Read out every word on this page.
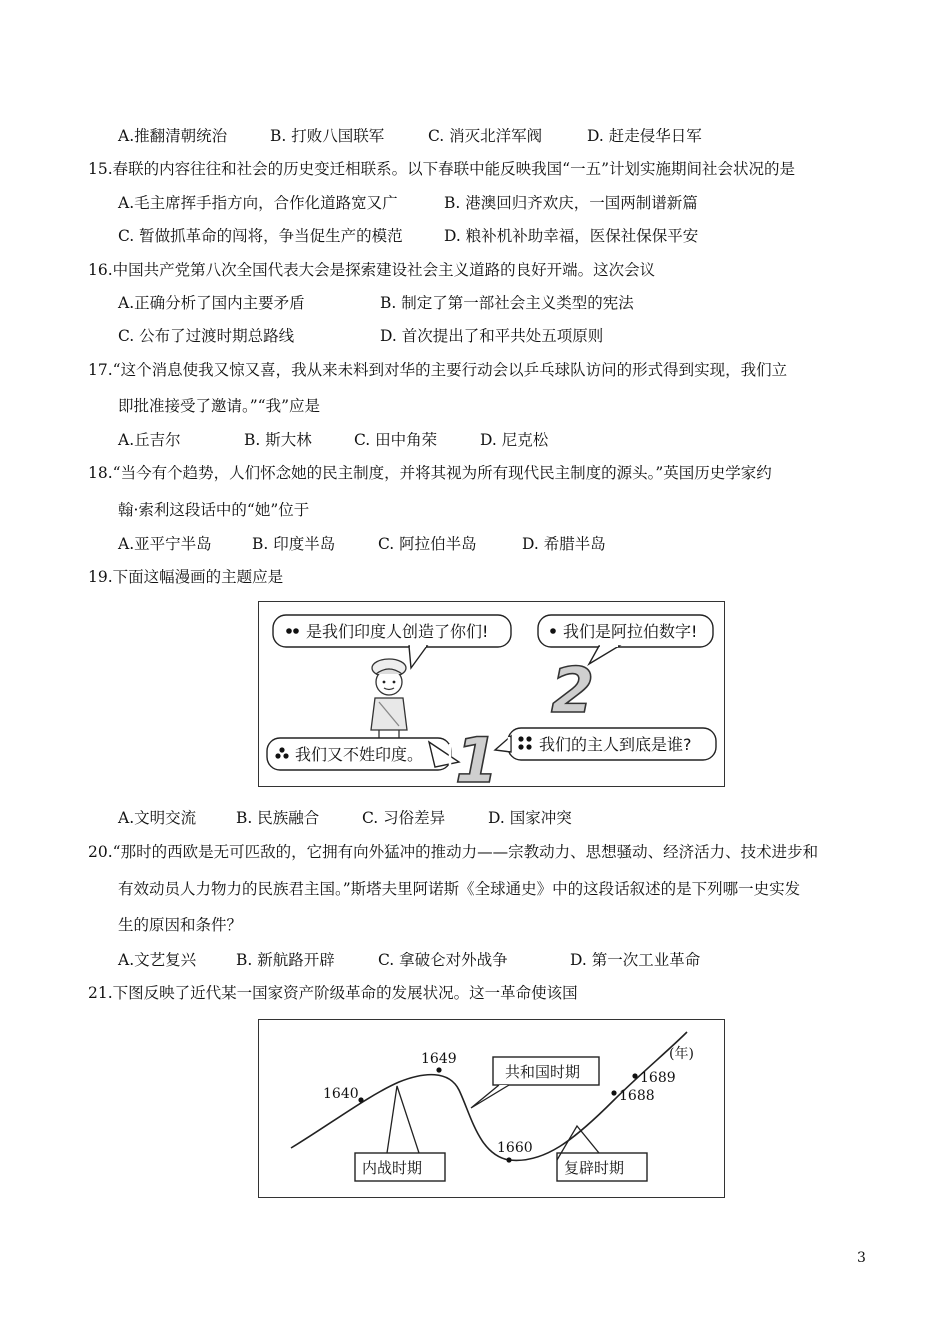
A.推翻清朝统治	B. 打败八国联军	C. 消灭北洋军阀	D. 赶走侵华日军
15.春联的内容往往和社会的历史变迁相联系。以下春联中能反映我国“一五”计划实施期间社会状况的是
A.毛主席挥手指方向，合作化道路宽又广	B. 港澳回归齐欢庆，一国两制谱新篇
C. 暂做抓革命的闯将，争当促生产的模范	D. 粮补机补助幸福，医保社保保平安
16.中国共产党第八次全国代表大会是探索建设社会主义道路的良好开端。这次会议
A.正确分析了国内主要矛盾	B. 制定了第一部社会主义类型的宪法
C. 公布了过渡时期总路线	D. 首次提出了和平共处五项原则
17.“这个消息使我又惊又喜，我从来未料到对华的主要行动会以乒乓球队访问的形式得到实现，我们立
即批准接受了邀请。”“我”应是
A.丘吉尔	B. 斯大林	C. 田中角荣	D. 尼克松
18.“当今有个趋势，人们怀念她的民主制度，并将其视为所有现代民主制度的源头。”英国历史学家约
翰·索利这段话中的“她”位于
A.亚平宁半岛	B. 印度半岛	C. 阿拉伯半岛	D. 希腊半岛
19.下面这幅漫画的主题应是
是我们印度人创造了你们!	我们是阿拉伯数字!
2
我们又不姓印度。 1	我们的主人到底是谁?
A.文明交流	B. 民族融合	C. 习俗差异	D. 国家冲突
20.“那时的西欧是无可匹敌的，它拥有向外猛冲的推动力——宗教动力、思想骚动、经济活力、技术进步和
有效动员人力物力的民族君主国。”斯塔夫里阿诺斯《全球通史》中的这段话叙述的是下列哪一史实发
生的原因和条件？
A.文艺复兴	B. 新航路开辟	C. 拿破仑对外战争	D. 第一次工业革命
21.下图反映了近代某一国家资产阶级革命的发展状况。这一革命使该国
1640
1649
1660
1688
1689
(年)
共和国时期
内战时期	复辟时期
3
